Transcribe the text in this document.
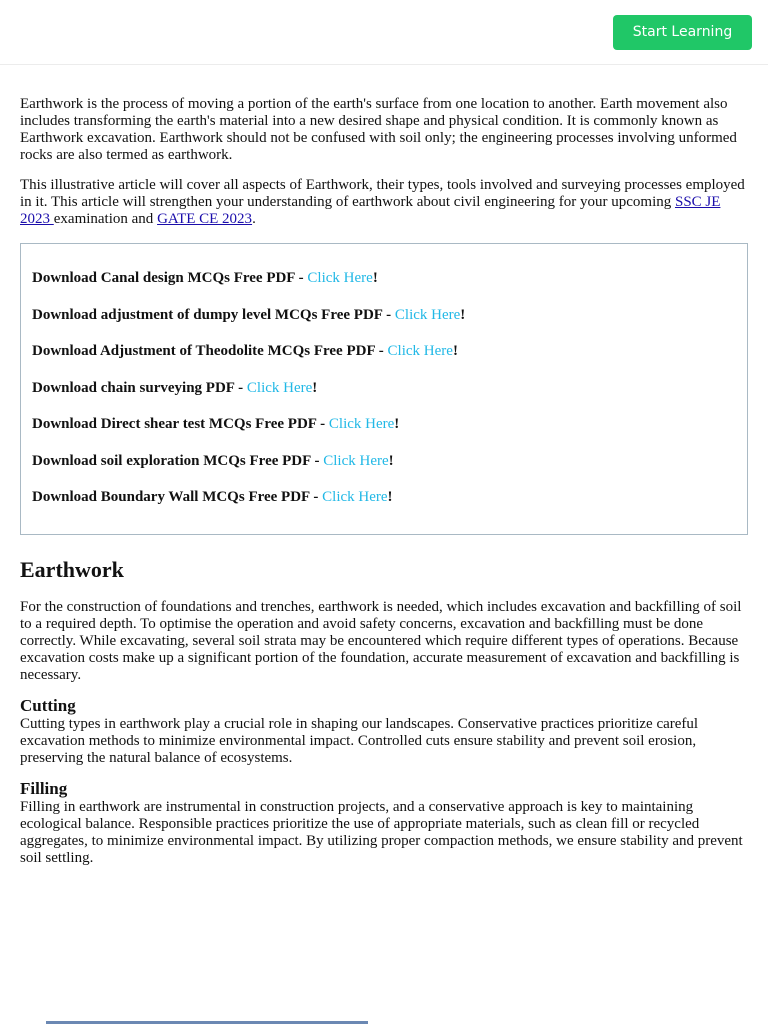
Start Learning

Earthwork is the process of moving a portion of the earth's surface from one location to another. Earth movement also includes transforming the earth's material into a new desired shape and physical condition. It is commonly known as Earthwork excavation. Earthwork should not be confused with soil only; the engineering processes involving unformed rocks are also termed as earthwork.

This illustrative article will cover all aspects of Earthwork, their types, tools involved and surveying processes employed in it. This article will strengthen your understanding of earthwork about civil engineering for your upcoming SSC JE 2023 examination and GATE CE 2023.

Download Canal design MCQs Free PDF - Click Here!
Download adjustment of dumpy level MCQs Free PDF - Click Here!
Download Adjustment of Theodolite MCQs Free PDF - Click Here!
Download chain surveying PDF - Click Here!
Download Direct shear test MCQs Free PDF - Click Here!
Download soil exploration MCQs Free PDF - Click Here!
Download Boundary Wall MCQs Free PDF - Click Here!
Earthwork

For the construction of foundations and trenches, earthwork is needed, which includes excavation and backfilling of soil to a required depth. To optimise the operation and avoid safety concerns, excavation and backfilling must be done correctly. While excavating, several soil strata may be encountered which require different types of operations. Because excavation costs make up a significant portion of the foundation, accurate measurement of excavation and backfilling is necessary.

Cutting

Cutting types in earthwork play a crucial role in shaping our landscapes. Conservative practices prioritize careful excavation methods to minimize environmental impact. Controlled cuts ensure stability and prevent soil erosion, preserving the natural balance of ecosystems.

Filling

Filling in earthwork are instrumental in construction projects, and a conservative approach is key to maintaining ecological balance. Responsible practices prioritize the use of appropriate materials, such as clean fill or recycled aggregates, to minimize environmental impact. By utilizing proper compaction methods, we ensure stability and prevent soil settling.
